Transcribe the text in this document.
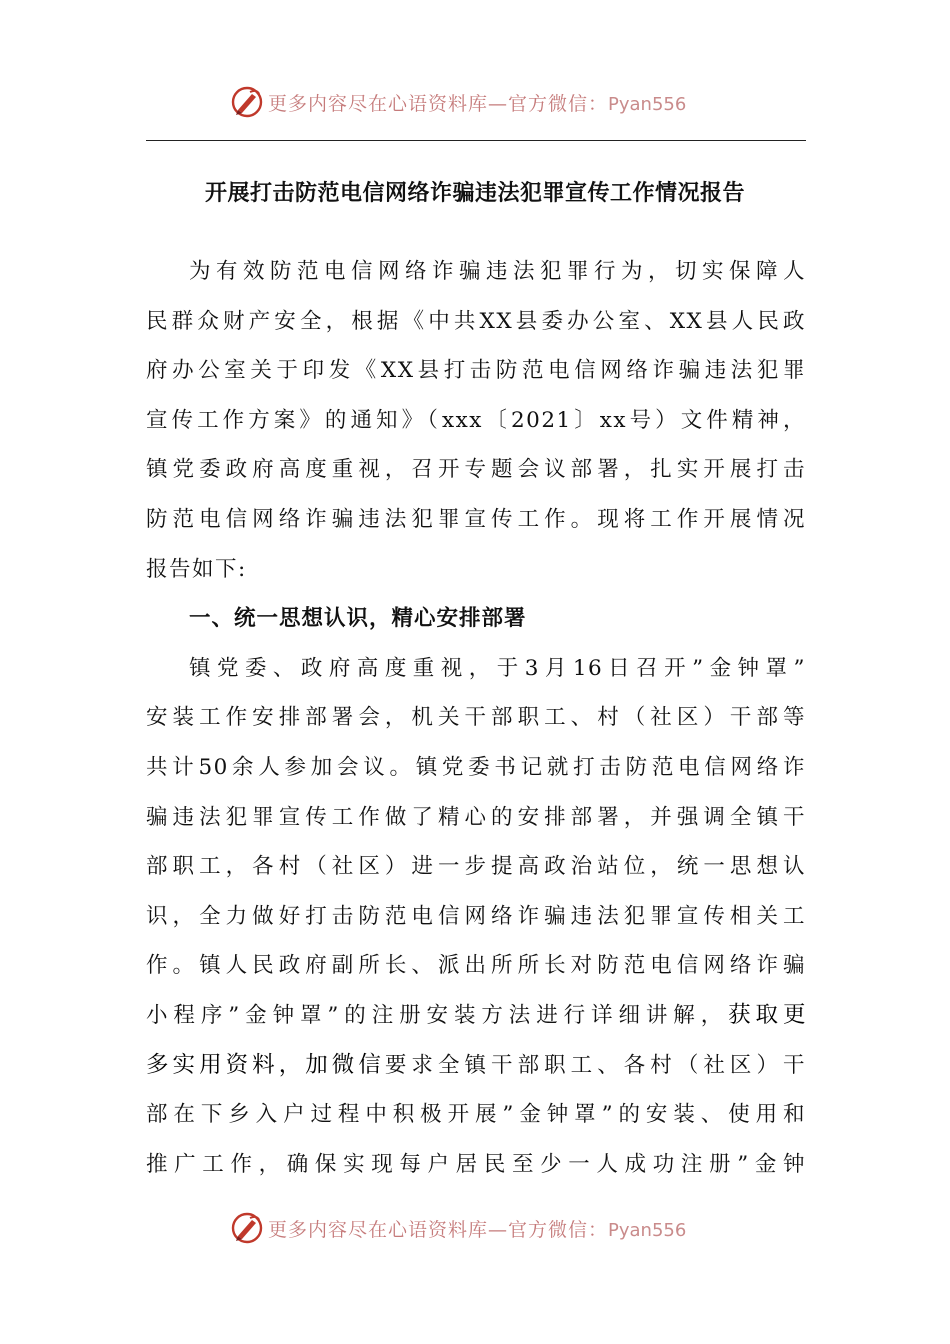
更多内容尽在心语资料库—官方微信：Pyan556
开展打击防范电信网络诈骗违法犯罪宣传工作情况报告
为有效防范电信网络诈骗违法犯罪行为，切实保障人
民群众财产安全，根据《中共XX县委办公室、XX县人民政
府办公室关于印发《XX县打击防范电信网络诈骗违法犯罪
宣传工作方案》的通知》（xxx〔2021〕xx号）文件精神，
镇党委政府高度重视，召开专题会议部署，扎实开展打击
防范电信网络诈骗违法犯罪宣传工作。现将工作开展情况
报告如下:
一、统一思想认识，精心安排部署
镇党委、政府高度重视，于3月16日召开”金钟罩”
安装工作安排部署会，机关干部职工、村（社区）干部等
共计50余人参加会议。镇党委书记就打击防范电信网络诈
骗违法犯罪宣传工作做了精心的安排部署，并强调全镇干
部职工，各村（社区）进一步提高政治站位，统一思想认
识，全力做好打击防范电信网络诈骗违法犯罪宣传相关工
作。镇人民政府副所长、派出所所长对防范电信网络诈骗
小程序”金钟罩”的注册安装方法进行详细讲解，获取更
多实用资料，加微信要求全镇干部职工、各村（社区）干
部在下乡入户过程中积极开展”金钟罩”的安装、使用和
推广工作，确保实现每户居民至少一人成功注册”金钟
更多内容尽在心语资料库—官方微信：Pyan556
